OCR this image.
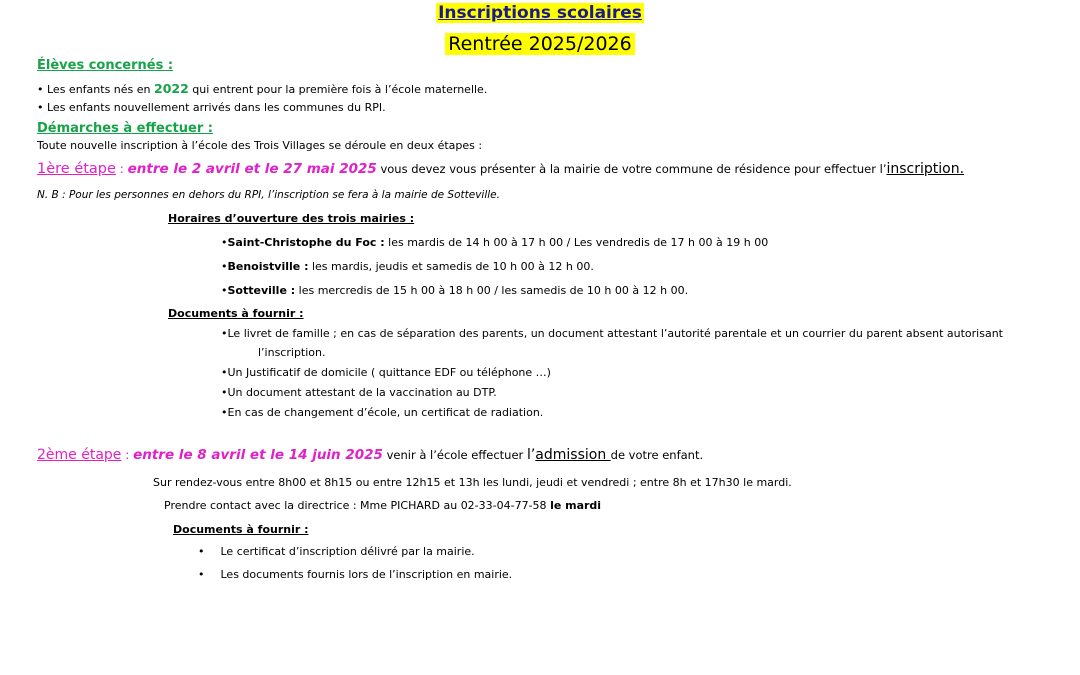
Inscriptions scolaires
Rentrée 2025/2026
Élèves concernés :
• Les enfants nés en 2022 qui entrent pour la première fois à l’école maternelle.
• Les enfants nouvellement arrivés dans les communes du RPI.
Démarches à effectuer :
Toute nouvelle inscription à l’école des Trois Villages se déroule en deux étapes :
1ère étape : entre le 2 avril et le 27 mai 2025 vous devez vous présenter à la mairie de votre commune de résidence pour effectuer l’inscription.
N. B : Pour les personnes en dehors du RPI, l’inscription se fera à la mairie de Sotteville.
Horaires d’ouverture des trois mairies :
• Saint-Christophe du Foc : les mardis de 14 h 00 à 17 h 00 / Les vendredis de 17 h 00 à 19 h 00
• Benoistville : les mardis, jeudis et samedis de 10 h 00 à 12 h 00.
• Sotteville : les mercredis de 15 h 00 à 18 h 00 / les samedis de 10 h 00 à 12 h 00.
Documents à fournir :
• Le livret de famille ; en cas de séparation des parents, un document attestant l’autorité parentale et un courrier du parent absent autorisant
l’inscription.
• Un Justificatif de domicile ( quittance EDF ou téléphone …)
• Un document attestant de la vaccination au DTP.
• En cas de changement d’école, un certificat de radiation.
2ème étape : entre le 8 avril et le 14 juin 2025 venir à l’école effectuer l’admission de votre enfant.
Sur rendez-vous entre 8h00 et 8h15 ou entre 12h15 et 13h les lundi, jeudi et vendredi ; entre 8h et 17h30 le mardi.
Prendre contact avec la directrice : Mme PICHARD au 02-33-04-77-58 le mardi
Documents à fournir :
• Le certificat d’inscription délivré par la mairie.
• Les documents fournis lors de l’inscription en mairie.
